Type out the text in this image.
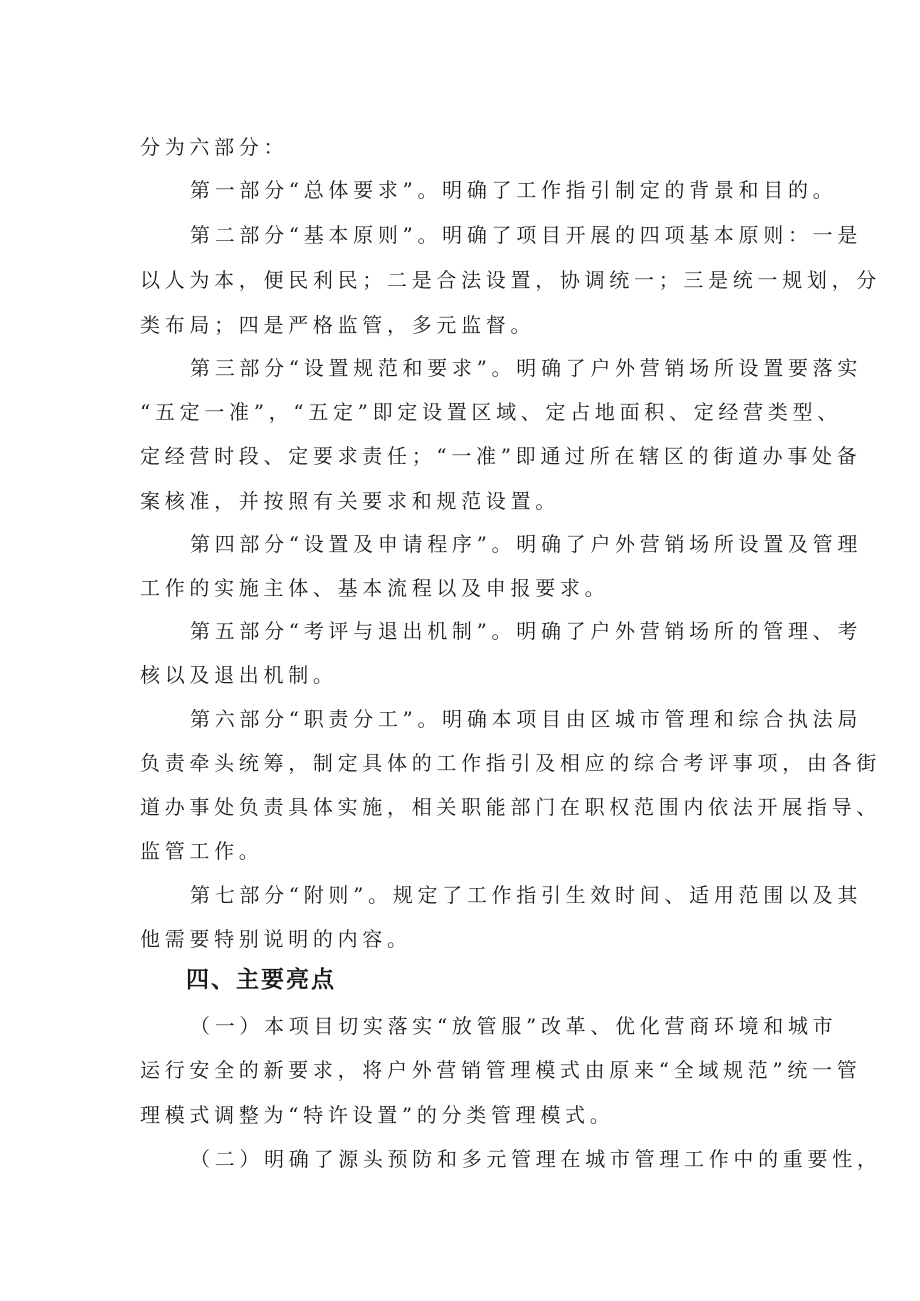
分为六部分：
第一部分“总体要求”。明确了工作指引制定的背景和目的。
第二部分“基本原则”。明确了项目开展的四项基本原则：一是
以人为本，便民利民；二是合法设置，协调统一；三是统一规划，分
类布局；四是严格监管，多元监督。
第三部分“设置规范和要求”。明确了户外营销场所设置要落实
“五定一准”，“五定”即定设置区域、定占地面积、定经营类型、
定经营时段、定要求责任；“一准”即通过所在辖区的街道办事处备
案核准，并按照有关要求和规范设置。
第四部分“设置及申请程序”。明确了户外营销场所设置及管理
工作的实施主体、基本流程以及申报要求。
第五部分“考评与退出机制”。明确了户外营销场所的管理、考
核以及退出机制。
第六部分“职责分工”。明确本项目由区城市管理和综合执法局
负责牵头统筹，制定具体的工作指引及相应的综合考评事项，由各街
道办事处负责具体实施，相关职能部门在职权范围内依法开展指导、
监管工作。
第七部分“附则”。规定了工作指引生效时间、适用范围以及其
他需要特别说明的内容。
四、主要亮点
（一）本项目切实落实“放管服”改革、优化营商环境和城市
运行安全的新要求，将户外营销管理模式由原来“全域规范”统一管
理模式调整为“特许设置”的分类管理模式。
（二）明确了源头预防和多元管理在城市管理工作中的重要性，
